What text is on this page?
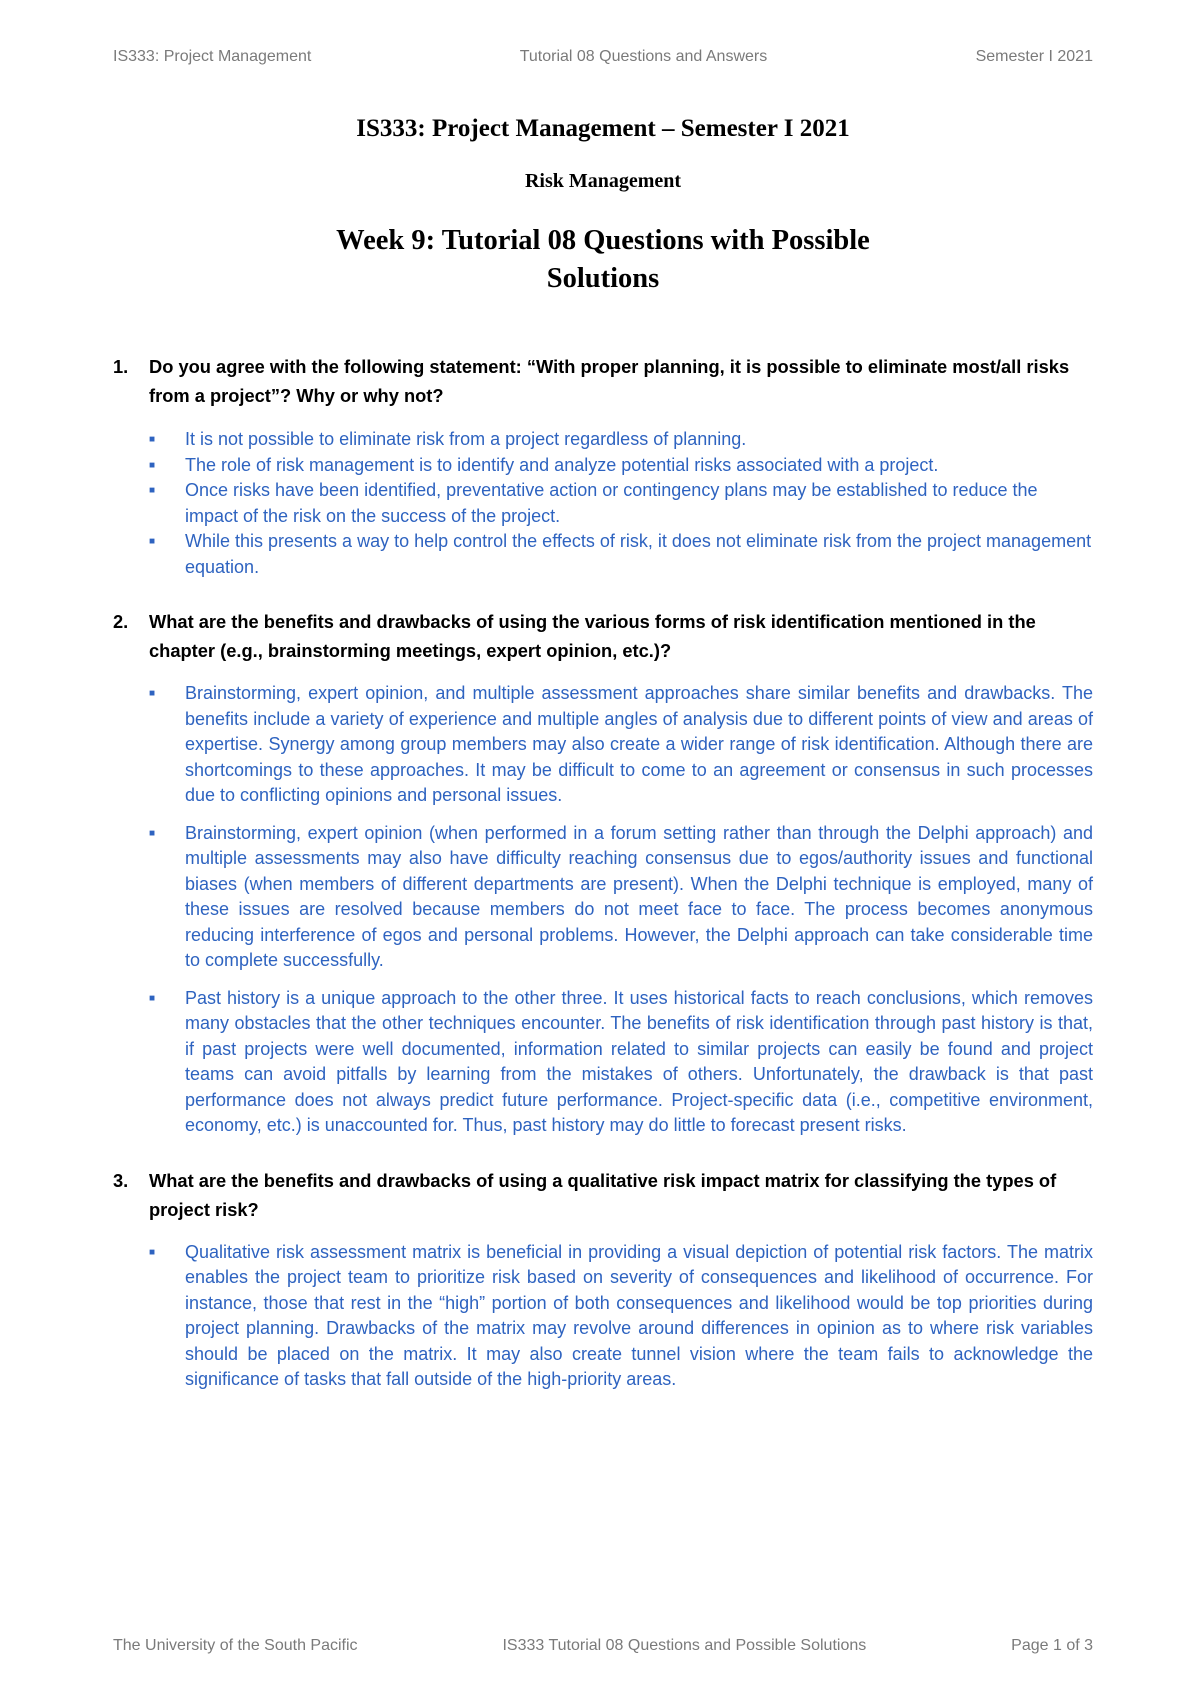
IS333: Project Management	Tutorial 08 Questions and Answers	Semester I 2021
IS333: Project Management – Semester I 2021
Risk Management
Week 9: Tutorial 08 Questions with Possible Solutions
1.	Do you agree with the following statement: “With proper planning, it is possible to eliminate most/all risks from a project”? Why or why not?
■	It is not possible to eliminate risk from a project regardless of planning.
■	The role of risk management is to identify and analyze potential risks associated with a project.
■	Once risks have been identified, preventative action or contingency plans may be established to reduce the impact of the risk on the success of the project.
■	While this presents a way to help control the effects of risk, it does not eliminate risk from the project management equation.
2.	What are the benefits and drawbacks of using the various forms of risk identification mentioned in the chapter (e.g., brainstorming meetings, expert opinion, etc.)?
■	Brainstorming, expert opinion, and multiple assessment approaches share similar benefits and drawbacks. The benefits include a variety of experience and multiple angles of analysis due to different points of view and areas of expertise. Synergy among group members may also create a wider range of risk identification. Although there are shortcomings to these approaches. It may be difficult to come to an agreement or consensus in such processes due to conflicting opinions and personal issues.
■	Brainstorming, expert opinion (when performed in a forum setting rather than through the Delphi approach) and multiple assessments may also have difficulty reaching consensus due to egos/authority issues and functional biases (when members of different departments are present). When the Delphi technique is employed, many of these issues are resolved because members do not meet face to face. The process becomes anonymous reducing interference of egos and personal problems. However, the Delphi approach can take considerable time to complete successfully.
■	Past history is a unique approach to the other three. It uses historical facts to reach conclusions, which removes many obstacles that the other techniques encounter. The benefits of risk identification through past history is that, if past projects were well documented, information related to similar projects can easily be found and project teams can avoid pitfalls by learning from the mistakes of others. Unfortunately, the drawback is that past performance does not always predict future performance. Project-specific data (i.e., competitive environment, economy, etc.) is unaccounted for. Thus, past history may do little to forecast present risks.
3.	What are the benefits and drawbacks of using a qualitative risk impact matrix for classifying the types of project risk?
■	Qualitative risk assessment matrix is beneficial in providing a visual depiction of potential risk factors. The matrix enables the project team to prioritize risk based on severity of consequences and likelihood of occurrence. For instance, those that rest in the “high” portion of both consequences and likelihood would be top priorities during project planning. Drawbacks of the matrix may revolve around differences in opinion as to where risk variables should be placed on the matrix. It may also create tunnel vision where the team fails to acknowledge the significance of tasks that fall outside of the high-priority areas.
The University of the South Pacific	IS333 Tutorial 08 Questions and Possible Solutions	Page 1 of 3
